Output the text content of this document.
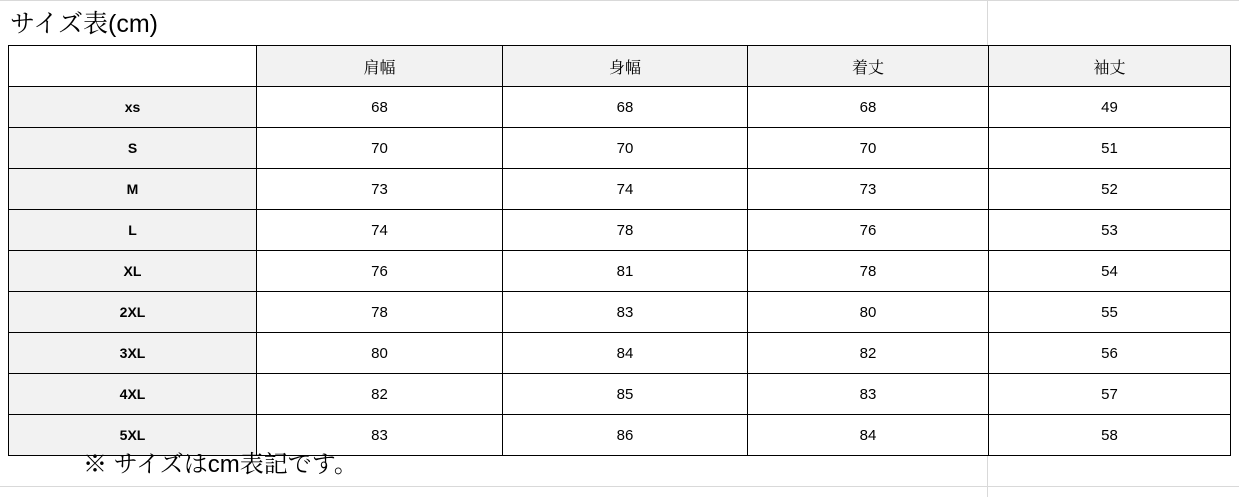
サイズ表(cm)
	肩幅	身幅	着丈	袖丈
xs	68	68	68	49
S	70	70	70	51
M	73	74	73	52
L	74	78	76	53
XL	76	81	78	54
2XL	78	83	80	55
3XL	80	84	82	56
4XL	82	85	83	57
5XL	83	86	84	58
※ サイズはcm表記です。
